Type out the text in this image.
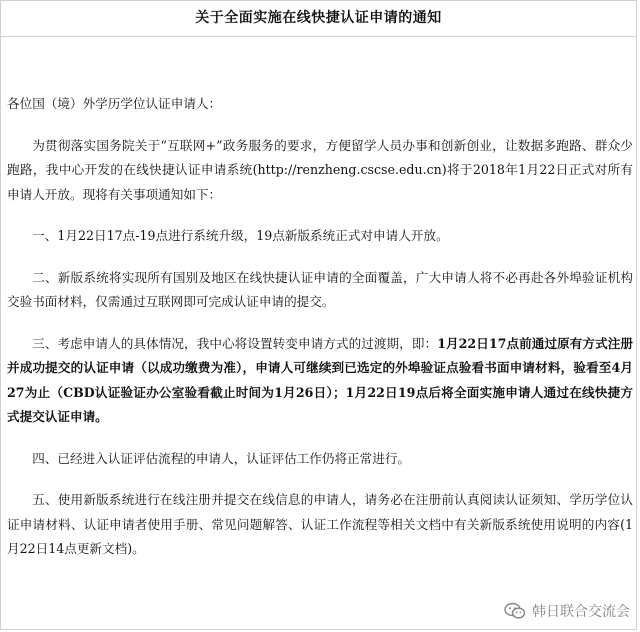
关于全面实施在线快捷认证申请的通知

各位国（境）外学历学位认证申请人：

为贯彻落实国务院关于“互联网+”政务服务的要求，方便留学人员办事和创新创业，让数据多跑路、群众少跑路，我中心开发的在线快捷认证申请系统(http://renzheng.cscse.edu.cn)将于2018年1月22日正式对所有申请人开放。现将有关事项通知如下：

一、1月22日17点-19点进行系统升级，19点新版系统正式对申请人开放。

二、新版系统将实现所有国别及地区在线快捷认证申请的全面覆盖，广大申请人将不必再赴各外埠验证机构交验书面材料，仅需通过互联网即可完成认证申请的提交。

三、考虑申请人的具体情况，我中心将设置转变申请方式的过渡期，即：1月22日17点前通过原有方式注册并成功提交的认证申请（以成功缴费为准），申请人可继续到已选定的外埠验证点验看书面申请材料，验看至4月27为止（CBD认证验证办公室验看截止时间为1月26日）；1月22日19点后将全面实施申请人通过在线快捷方式提交认证申请。

四、已经进入认证评估流程的申请人，认证评估工作仍将正常进行。

五、使用新版系统进行在线注册并提交在线信息的申请人，请务必在注册前认真阅读认证须知、学历学位认证申请材料、认证申请者使用手册、常见问题解答、认证工作流程等相关文档中有关新版系统使用说明的内容(1月22日14点更新文档)。

韩日联合交流会
